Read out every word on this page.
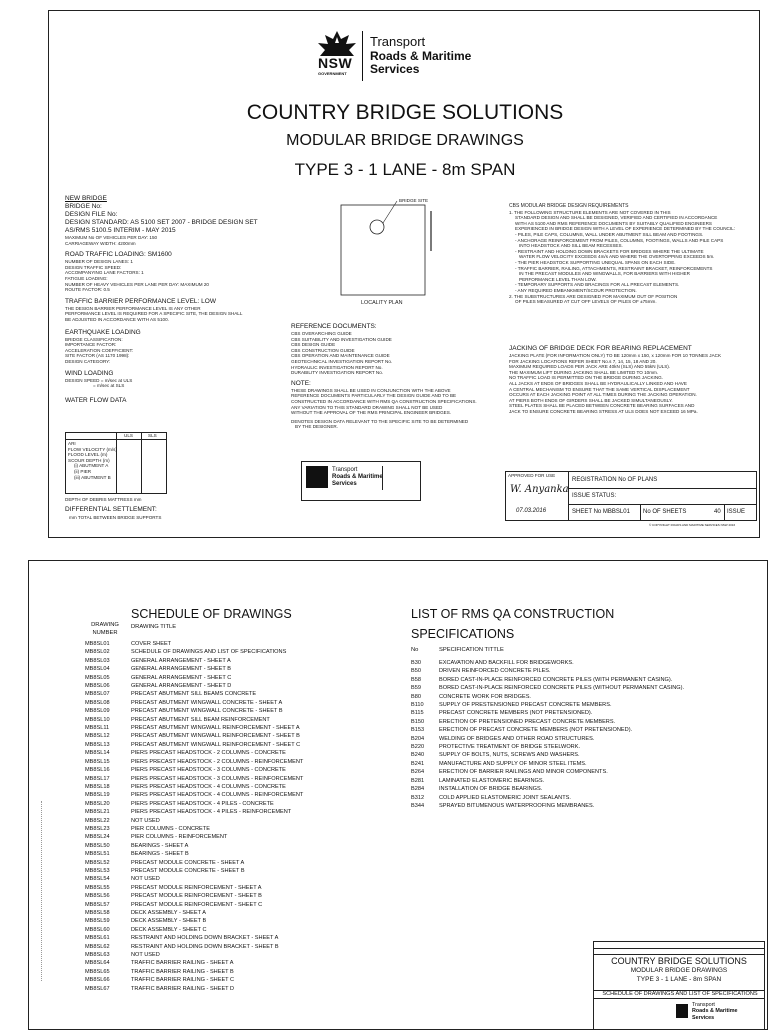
NSW
GOVERNMENT
Transport
Roads & Maritime
Services
COUNTRY BRIDGE SOLUTIONS
MODULAR BRIDGE DRAWINGS
TYPE 3 - 1 LANE - 8m SPAN
NEW BRIDGE
BRIDGE No:
DESIGN FILE No:
DESIGN STANDARD: AS 5100 SET 2007 - BRIDGE DESIGN SET
AS/RMS 5100.5 INTERIM - MAY 2015
MAXIMUM No OF VEHICLES PER DAY: 150
CARRIAGEWAY WIDTH: 4200mm
ROAD TRAFFIC LOADING: SM1600
NUMBER OF DESIGN LANES: 1
DESIGN TRAFFIC SPEED:
ACCOMPANYING LANE FACTORS: 1
FATIGUE LOADING:
NUMBER OF HEAVY VEHICLES PER LANE PER DAY: MAXIMUM 20
ROUTE FACTOR: 0.5
TRAFFIC BARRIER PERFORMANCE LEVEL: LOW
THE DESIGN BARRIER PERFORMANCE LEVEL IS ANY OTHER
PERFORMANCE LEVEL IS REQUIRED FOR A SPECIFIC SITE, THE DESIGN SHALL
BE ADJUSTED IN ACCORDANCE WITH AS 5100.
EARTHQUAKE LOADING
BRIDGE CLASSIFICATION:
IMPORTANCE FACTOR:
ACCELERATION COEFFICIENT:
SITE FACTOR (AS 1170 1998):
DESIGN CATEGORY:
WIND LOADING
DESIGN SPEED = m/sec at ULS
= m/sec at SLS
WATER FLOW DATA
ULS	SLS
ARI
FLOW VELOCITY (m/s)
FLOOD LEVEL (m)
SCOUR DEPTH (m)
(i) ABUTMENT A
(ii) PIER
(iii) ABUTMENT B
DEPTH OF DEBRIS MATTRESS mm
DIFFERENTIAL SETTLEMENT:
mm TOTAL BETWEEN BRIDGE SUPPORTS
BRIDGE SITE
LOCALITY PLAN
REFERENCE DOCUMENTS:
CBS OVERARCHING GUIDE
CBS SUITABILITY AND INVESTIGATION GUIDE
CBS DESIGN GUIDE
CBS CONSTRUCTION GUIDE
CBS OPERATION AND MAINTENANCE GUIDE
GEOTECHNICAL INVESTIGATION REPORT No.
HYDRAULIC INVESTIGATION REPORT No.
DURABILITY INVESTIGATION REPORT No.
NOTE:
THESE DRAWINGS SHALL BE USED IN CONJUNCTION WITH THE ABOVE
REFERENCE DOCUMENTS PARTICULARLY THE DESIGN GUIDE AND TO BE
CONSTRUCTED IN ACCORDANCE WITH RMS QA CONSTRUCTION SPECIFICATIONS.
ANY VARIATION TO THIS STANDARD DRAWING SHALL NOT BE USED
WITHOUT THE APPROVAL OF THE RMS PRINCIPAL ENGINEER BRIDGES.
DENOTES DESIGN DATA RELEVANT TO THE SPECIFIC SITE TO BE DETERMINED
BY THE DESIGNER.
Transport
Roads & Maritime
Services
CBS MODULAR BRIDGE DESIGN REQUIREMENTS
1. THE FOLLOWING STRUCTURE ELEMENTS ARE NOT COVERED IN THIS
STANDARD DESIGN AND SHALL BE DESIGNED, VERIFIED AND CERTIFIED IN ACCORDANCE
WITH AS 5100 AND RMS REFERENCE DOCUMENTS BY SUITABLY QUALIFIED ENGINEERS
EXPERIENCED IN BRIDGE DESIGN WITH A LEVEL OF EXPERIENCE DETERMINED BY THE COUNCIL:
- PILES, PILE CAPS, COLUMNS, WALL UNDER ABUTMENT SILL BEAM AND FOOTINGS.
- ANCHORAGE REINFORCEMENT FROM PILES, COLUMNS, FOOTINGS, WALLS AND PILE CAPS
INTO HEADSTOCK AND SILL BEAM RECESSES.
- RESTRAINT AND HOLDING DOWN BRACKETS FOR BRIDGES WHERE THE ULTIMATE
WATER FLOW VELOCITY EXCEEDS 4m/s AND WHERE THE OVERTOPPING EXCEEDS 5m.
- THE PIER HEADSTOCK SUPPORTING UNEQUAL SPANS ON EACH SIDE.
- TRAFFIC BARRIER, RAILING, ATTACHMENTS, RESTRAINT BRACKET, REINFORCEMENTS
IN THE PRECAST MODULES AND WINGWALLS, FOR BARRIERS WITH HIGHER
PERFORMANCE LEVEL THAN LOW.
- TEMPORARY SUPPORTS AND BRACINGS FOR ALL PRECAST ELEMENTS.
- ANY REQUIRED EMBANKMENT/SCOUR PROTECTION.
2. THE SUBSTRUCTURES ARE DESIGNED FOR MAXIMUM OUT OF POSITION
OF PILES MEASURED AT CUT OFF LEVELS OF PILES OF ±75mm.
JACKING OF BRIDGE DECK FOR BEARING REPLACEMENT
JACKING PLATE (FOR INFORMATION ONLY) TO BE 120mm x 150, x 120mm FOR 10 TONNES JACK
FOR JACKING LOCATIONS REFER SHEET No.s 7, 14, 15, 18 AND 20.
MAXIMUM REQUIRED LOADS PER JACK ARE 40kN (SLS) AND 55kN (ULS).
THE MAXIMUM LIFT DURING JACKING SHALL BE LIMITED TO 10mm.
NO TRAFFIC LOAD IS PERMITTED ON THE BRIDGE DURING JACKING.
ALL JACKS AT ENDS OF BRIDGES SHALL BE HYDRAULICALLY LINKED AND HAVE
A CENTRAL MECHANISM TO ENSURE THAT THE SAME VERTICAL DISPLACEMENT
OCCURS AT EACH JACKING POINT AT ALL TIMES DURING THE JACKING OPERATION.
AT PIERS BOTH ENDS OF GIRDERS SHALL BE JACKED SIMULTANEOUSLY.
STEEL PLATES SHALL BE PLACED BETWEEN CONCRETE BEARING SURFACES AND
JACK TO ENSURE CONCRETE BEARING STRESS AT ULS DOES NOT EXCEED 16 MPa.
APPROVED FOR USE
W. Anyanka
07.03.2016
REGISTRATION No OF PLANS
ISSUE STATUS:
SHEET No MBBSL01 No OF SHEETS	40 ISSUE
© COPYRIGHT ROADS AND MARITIME SERVICES NSW 2016
SCHEDULE OF DRAWINGS
DRAWING NUMBER
DRAWING TITLE
MB8SL01	COVER SHEET
MB8SL02	SCHEDULE OF DRAWINGS AND LIST OF SPECIFICATIONS
MB8SL03	GENERAL ARRANGEMENT - SHEET A
MB8SL04	GENERAL ARRANGEMENT - SHEET B
MB8SL05	GENERAL ARRANGEMENT - SHEET C
MB8SL06	GENERAL ARRANGEMENT - SHEET D
MB8SL07	PRECAST ABUTMENT SILL BEAMS CONCRETE
MB8SL08	PRECAST ABUTMENT WINGWALL CONCRETE - SHEET A
MB8SL09	PRECAST ABUTMENT WINGWALL CONCRETE - SHEET B
MB8SL10	PRECAST ABUTMENT SILL BEAM REINFORCEMENT
MB8SL11	PRECAST ABUTMENT WINGWALL REINFORCEMENT - SHEET A
MB8SL12	PRECAST ABUTMENT WINGWALL REINFORCEMENT - SHEET B
MB8SL13	PRECAST ABUTMENT WINGWALL REINFORCEMENT - SHEET C
MB8SL14	PIERS PRECAST HEADSTOCK - 2 COLUMNS - CONCRETE
MB8SL15	PIERS PRECAST HEADSTOCK - 2 COLUMNS - REINFORCEMENT
MB8SL16	PIERS PRECAST HEADSTOCK - 3 COLUMNS - CONCRETE
MB8SL17	PIERS PRECAST HEADSTOCK - 3 COLUMNS - REINFORCEMENT
MB8SL18	PIERS PRECAST HEADSTOCK - 4 COLUMNS - CONCRETE
MB8SL19	PIERS PRECAST HEADSTOCK - 4 COLUMNS - REINFORCEMENT
MB8SL20	PIERS PRECAST HEADSTOCK - 4 PILES - CONCRETE
MB8SL21	PIERS PRECAST HEADSTOCK - 4 PILES - REINFORCEMENT
MB8SL22	NOT USED
MB8SL23	PIER COLUMNS - CONCRETE
MB8SL24	PIER COLUMNS - REINFORCEMENT
MB8SL50	BEARINGS - SHEET A
MB8SL51	BEARINGS - SHEET B
MB8SL52	PRECAST MODULE CONCRETE - SHEET A
MB8SL53	PRECAST MODULE CONCRETE - SHEET B
MB8SL54	NOT USED
MB8SL55	PRECAST MODULE REINFORCEMENT - SHEET A
MB8SL56	PRECAST MODULE REINFORCEMENT - SHEET B
MB8SL57	PRECAST MODULE REINFORCEMENT - SHEET C
MB8SL58	DECK ASSEMBLY - SHEET A
MB8SL59	DECK ASSEMBLY - SHEET B
MB8SL60	DECK ASSEMBLY - SHEET C
MB8SL61	RESTRAINT AND HOLDING DOWN BRACKET - SHEET A
MB8SL62	RESTRAINT AND HOLDING DOWN BRACKET - SHEET B
MB8SL63	NOT USED
MB8SL64	TRAFFIC BARRIER RAILING - SHEET A
MB8SL65	TRAFFIC BARRIER RAILING - SHEET B
MB8SL66	TRAFFIC BARRIER RAILING - SHEET C
MB8SL67	TRAFFIC BARRIER RAILING - SHEET D
LIST OF RMS QA CONSTRUCTION
SPECIFICATIONS
No	SPECIFICATION TITTLE
B30	EXCAVATION AND BACKFILL FOR BRIDGEWORKS.
B50	DRIVEN REINFORCED CONCRETE PILES.
B58	BORED CAST-IN-PLACE REINFORCED CONCRETE PILES (WITH PERMANENT CASING).
B59	BORED CAST-IN-PLACE REINFORCED CONCRETE PILES (WITHOUT PERMANENT CASING).
B80	CONCRETE WORK FOR BRIDGES.
B110	SUPPLY OF PRESTENSIONED PRECAST CONCRETE MEMBERS.
B115	PRECAST CONCRETE MEMBERS (NOT PRETENSIONED).
B150	ERECTION OF PRETENSIONED PRECAST CONCRETE MEMBERS.
B153	ERECTION OF PRECAST CONCRETE MEMBERS (NOT PRETENSIONED).
B204	WELDING OF BRIDGES AND OTHER ROAD STRUCTURES.
B220	PROTECTIVE TREATMENT OF BRIDGE STEELWORK.
B240	SUPPLY OF BOLTS, NUTS, SCREWS AND WASHERS.
B241	MANUFACTURE AND SUPPLY OF MINOR STEEL ITEMS.
B264	ERECTION OF BARRIER RAILINGS AND MINOR COMPONENTS.
B281	LAMINATED ELASTOMERIC BEARINGS.
B284	INSTALLATION OF BRIDGE BEARINGS.
B312	COLD APPLIED ELASTOMERIC JOINT SEALANTS.
B344	SPRAYED BITUMENOUS WATERPROOFING MEMBRANES.
COUNTRY BRIDGE SOLUTIONS
MODULAR BRIDGE DRAWINGS
TYPE 3 - 1 LANE - 8m SPAN
SCHEDULE OF DRAWINGS AND LIST OF SPECIFICATIONS
Transport
Roads & Maritime
Services
